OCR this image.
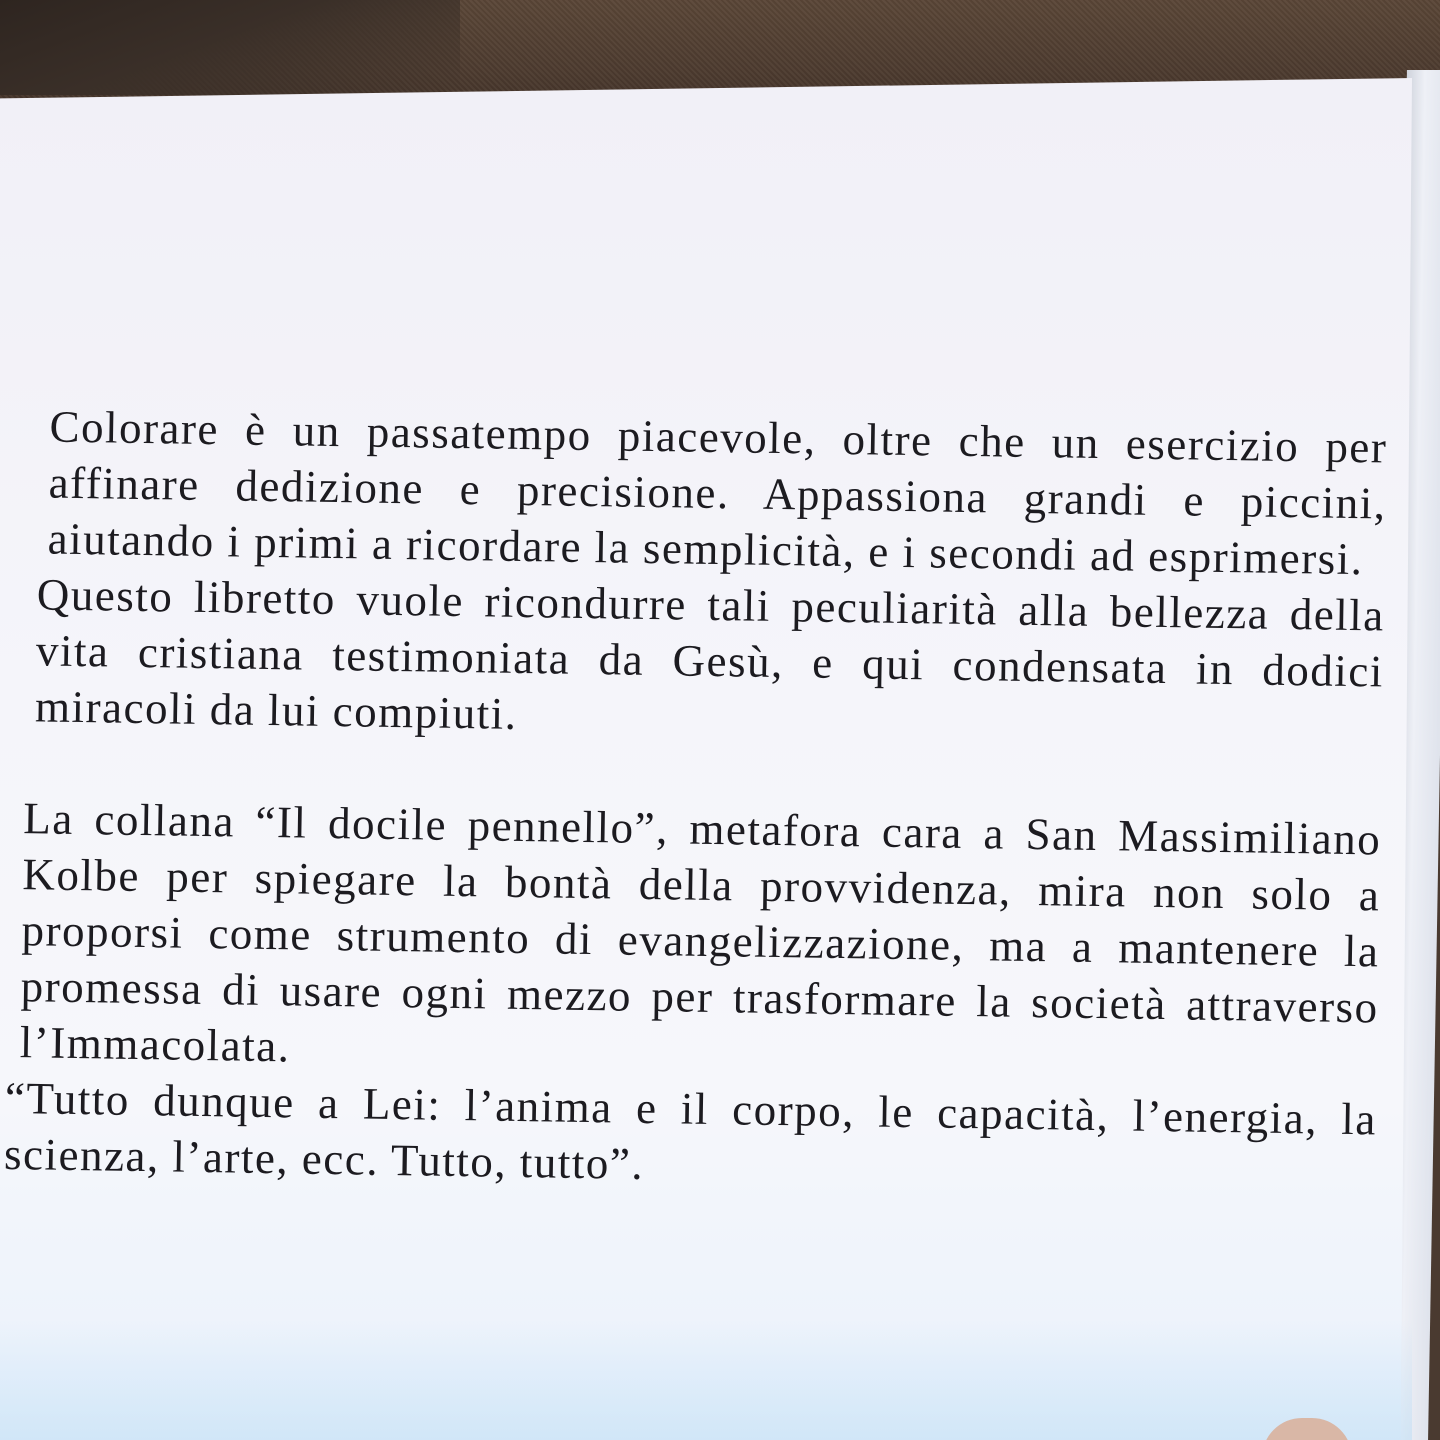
Colorare è un passatempo piacevole, oltre che un esercizio per affinare dedizione e precisione. Appassiona grandi e piccini, aiutando i primi a ricordare la semplicità, e i secondi ad esprimersi.

Questo libretto vuole ricondurre tali peculiarità alla bellezza della vita cristiana testimoniata da Gesù, e qui condensata in dodici miracoli da lui compiuti.

La collana “Il docile pennello”, metafora cara a San Massimiliano Kolbe per spiegare la bontà della provvidenza, mira non solo a proporsi come strumento di evangelizzazione, ma a mantenere la promessa di usare ogni mezzo per trasformare la società attraverso l’Immacolata.

“Tutto dunque a Lei: l’anima e il corpo, le capacità, l’energia, la scienza, l’arte, ecc. Tutto, tutto”.
